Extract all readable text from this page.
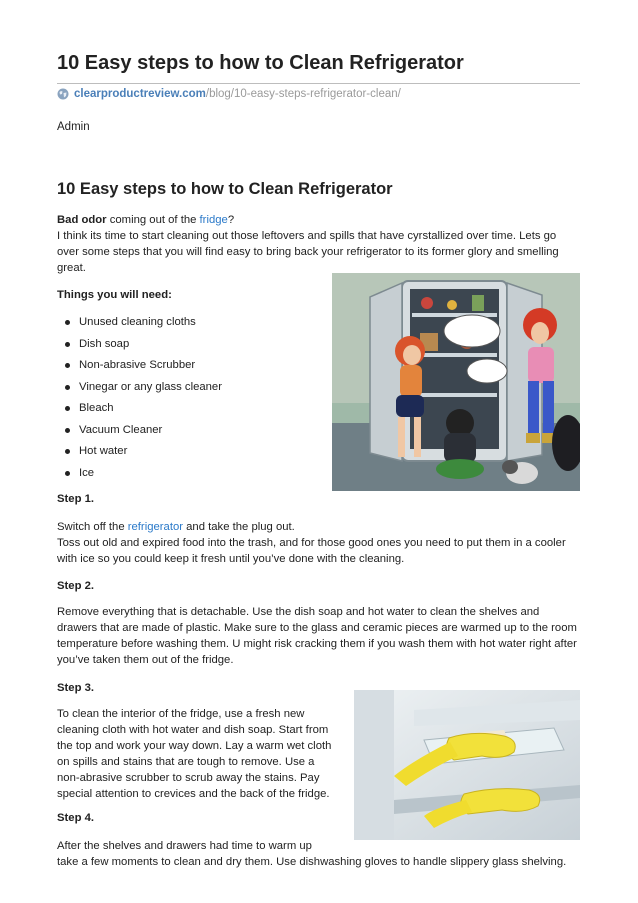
10 Easy steps to how to Clean Refrigerator
clearproductreview.com /blog/10-easy-steps-refrigerator-clean/
Admin
10 Easy steps to how to Clean Refrigerator

Bad odor coming out of the fridge?
I think its time to start cleaning out those leftovers and spills that have cyrstallized over time. Lets go over some steps that you will find easy to bring back your refrigerator to its former glory and smelling great.

Things you will need:

Unused cleaning cloths
Dish soap
Non-abrasive Scrubber
Vinegar or any glass cleaner
Bleach
Vacuum Cleaner
Hot water
Ice

Step 1.

Switch off the refrigerator and take the plug out.
Toss out old and expired food into the trash, and for those good ones you need to put them in a cooler with ice so you could keep it fresh until you’ve done with the cleaning.

Step 2.

Remove everything that is detachable. Use the dish soap and hot water to clean the shelves and drawers that are made of plastic. Make sure to the glass and ceramic pieces are warmed up to the room temperature before washing them. U might risk cracking them if you wash them with hot water right after you’ve taken them out of the fridge.

Step 3.

To clean the interior of the fridge, use a fresh new cleaning cloth with hot water and dish soap. Start from the top and work your way down. Lay a warm wet cloth on spills and stains that are tough to remove. Use a non-abrasive scrubber to scrub away the stains. Pay special attention to crevices and the back of the fridge.

Step 4.

After the shelves and drawers had time to warm up
take a few moments to clean and dry them. Use dishwashing gloves to handle slippery glass shelving.
